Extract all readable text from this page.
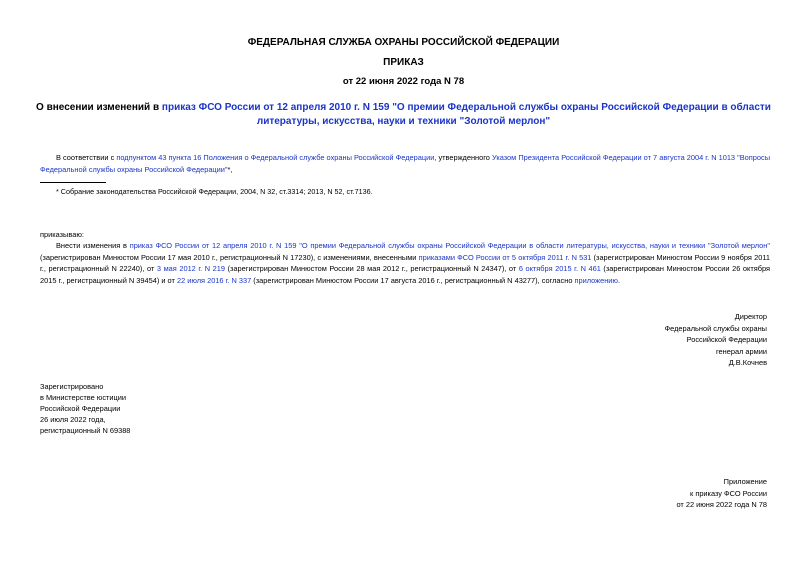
ФЕДЕРАЛЬНАЯ СЛУЖБА ОХРАНЫ РОССИЙСКОЙ ФЕДЕРАЦИИ
ПРИКАЗ
от 22 июня 2022 года N 78
О внесении изменений в приказ ФСО России от 12 апреля 2010 г. N 159 "О премии Федеральной службы охраны Российской Федерации в области литературы, искусства, науки и техники "Золотой мерлон"
В соответствии с подпунктом 43 пункта 16 Положения о Федеральной службе охраны Российской Федерации, утвержденного Указом Президента Российской Федерации от 7 августа 2004 г. N 1013 "Вопросы Федеральной службы охраны Российской Федерации"*,
* Собрание законодательства Российской Федерации, 2004, N 32, ст.3314; 2013, N 52, ст.7136.
приказываю:
Внести изменения в приказ ФСО России от 12 апреля 2010 г. N 159 "О премии Федеральной службы охраны Российской Федерации в области литературы, искусства, науки и техники "Золотой мерлон" (зарегистрирован Минюстом России 17 мая 2010 г., регистрационный N 17230), с изменениями, внесенными приказами ФСО России от 5 октября 2011 г. N 531 (зарегистрирован Минюстом России 9 ноября 2011 г., регистрационный N 22240), от 3 мая 2012 г. N 219 (зарегистрирован Минюстом России 28 мая 2012 г., регистрационный N 24347), от 6 октября 2015 г. N 461 (зарегистрирован Минюстом России 26 октября 2015 г., регистрационный N 39454) и от 22 июля 2016 г. N 337 (зарегистрирован Минюстом России 17 августа 2016 г., регистрационный N 43277), согласно приложению.
Директор
Федеральной службы охраны
Российской Федерации
генерал армии
Д.В.Кочнев
Зарегистрировано
в Министерстве юстиции
Российской Федерации
26 июля 2022 года,
регистрационный N 69388
Приложение
к приказу ФСО России
от 22 июня 2022 года N 78
